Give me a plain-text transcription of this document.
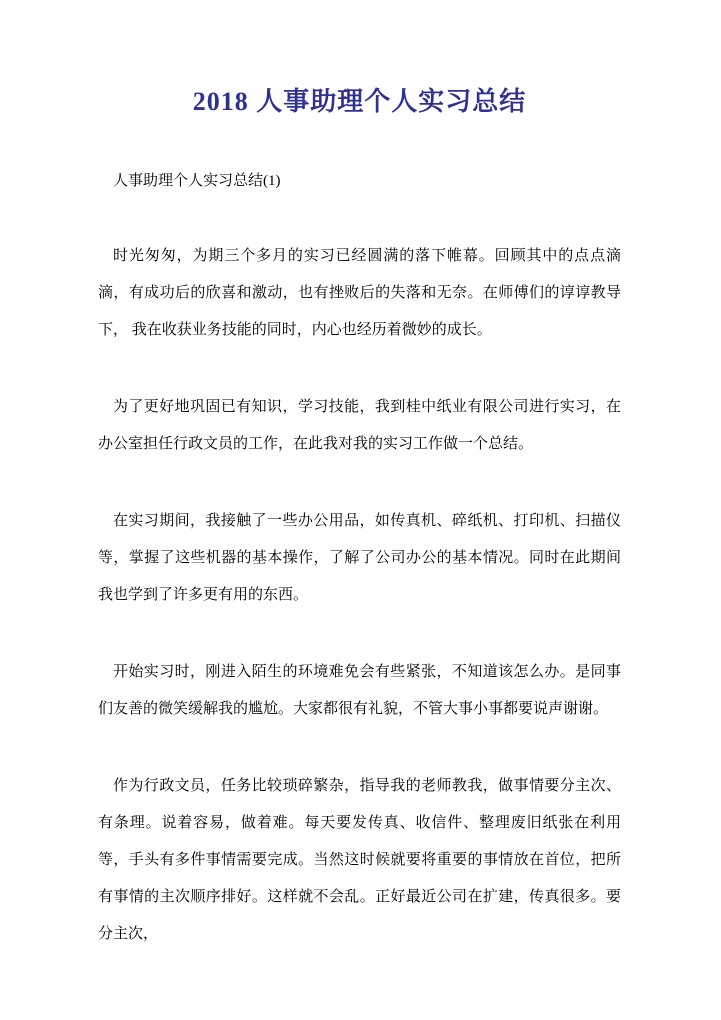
2018 人事助理个人实习总结

人事助理个人实习总结(1)

时光匆匆，为期三个多月的实习已经圆满的落下帷幕。回顾其中的点点滴滴，有成功后的欣喜和激动，也有挫败后的失落和无奈。在师傅们的谆谆教导下， 我在收获业务技能的同时，内心也经历着微妙的成长。

为了更好地巩固已有知识，学习技能，我到桂中纸业有限公司进行实习，在办公室担任行政文员的工作，在此我对我的实习工作做一个总结。

在实习期间，我接触了一些办公用品，如传真机、碎纸机、打印机、扫描仪等，掌握了这些机器的基本操作，了解了公司办公的基本情况。同时在此期间我也学到了许多更有用的东西。

开始实习时，刚进入陌生的环境难免会有些紧张，不知道该怎么办。是同事们友善的微笑缓解我的尴尬。大家都很有礼貌，不管大事小事都要说声谢谢。

作为行政文员，任务比较琐碎繁杂，指导我的老师教我，做事情要分主次、有条理。说着容易，做着难。每天要发传真、收信件、整理废旧纸张在利用等，手头有多件事情需要完成。当然这时候就要将重要的事情放在首位，把所有事情的主次顺序排好。这样就不会乱。正好最近公司在扩建，传真很多。要 分主次，
